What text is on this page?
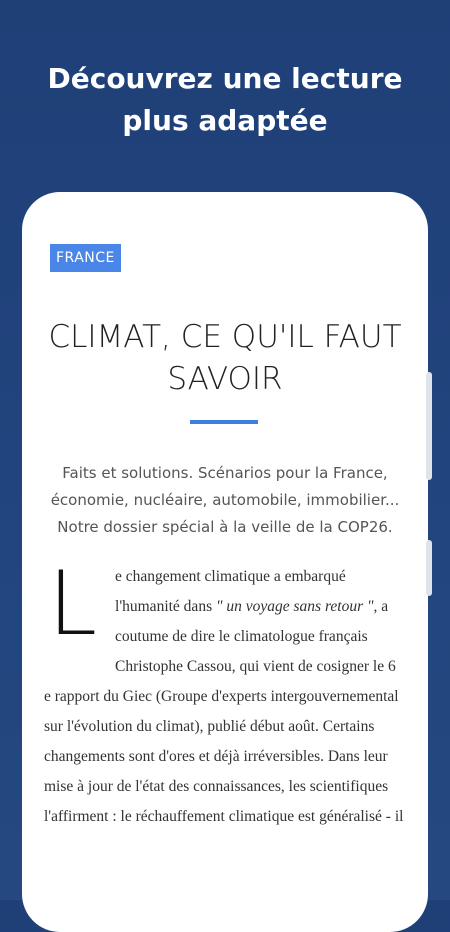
Découvrez une lecture
plus adaptée
FRANCE
CLIMAT, CE QU'IL FAUT
SAVOIR
Faits et solutions. Scénarios pour la France, économie, nucléaire, automobile, immobilier... Notre dossier spécial à la veille de la COP26.
L e changement climatique a embarqué l'humanité dans " un voyage sans retour ", a coutume de dire le climatologue français Christophe Cassou, qui vient de cosigner le 6 e rapport du Giec (Groupe d'experts intergouvernemental sur l'évolution du climat), publié début août. Certains changements sont d'ores et déjà irréversibles. Dans leur mise à jour de l'état des connaissances, les scientifiques l'affirment : le réchauffement climatique est généralisé - il
